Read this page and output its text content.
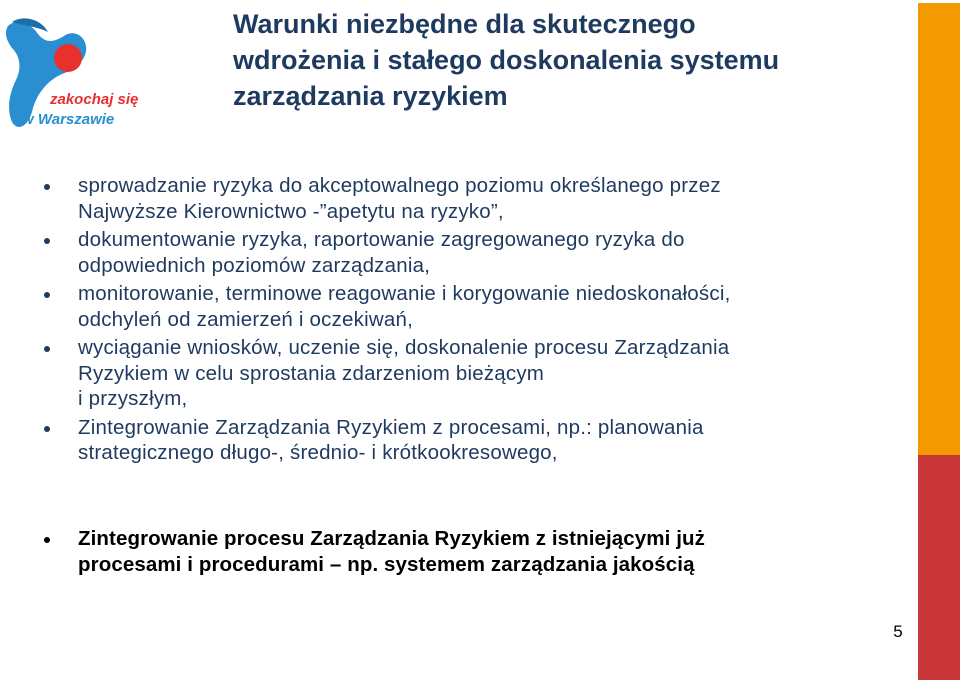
zakochaj się
w Warszawie
Warunki niezbędne dla skutecznego
wdrożenia i stałego doskonalenia systemu
zarządzania ryzykiem
sprowadzanie ryzyka do akceptowalnego poziomu określanego przez
Najwyższe Kierownictwo -”apetytu na ryzyko”,
dokumentowanie ryzyka, raportowanie zagregowanego ryzyka do
odpowiednich poziomów zarządzania,
monitorowanie, terminowe reagowanie i korygowanie niedoskonałości,
odchyleń od zamierzeń i oczekiwań,
wyciąganie wniosków, uczenie się, doskonalenie procesu Zarządzania
Ryzykiem w celu sprostania zdarzeniom bieżącym
i przyszłym,
Zintegrowanie Zarządzania Ryzykiem z procesami, np.: planowania
strategicznego długo-, średnio- i krótkookresowego,
Zintegrowanie procesu Zarządzania Ryzykiem z istniejącymi już
procesami i procedurami – np. systemem zarządzania jakością
5
